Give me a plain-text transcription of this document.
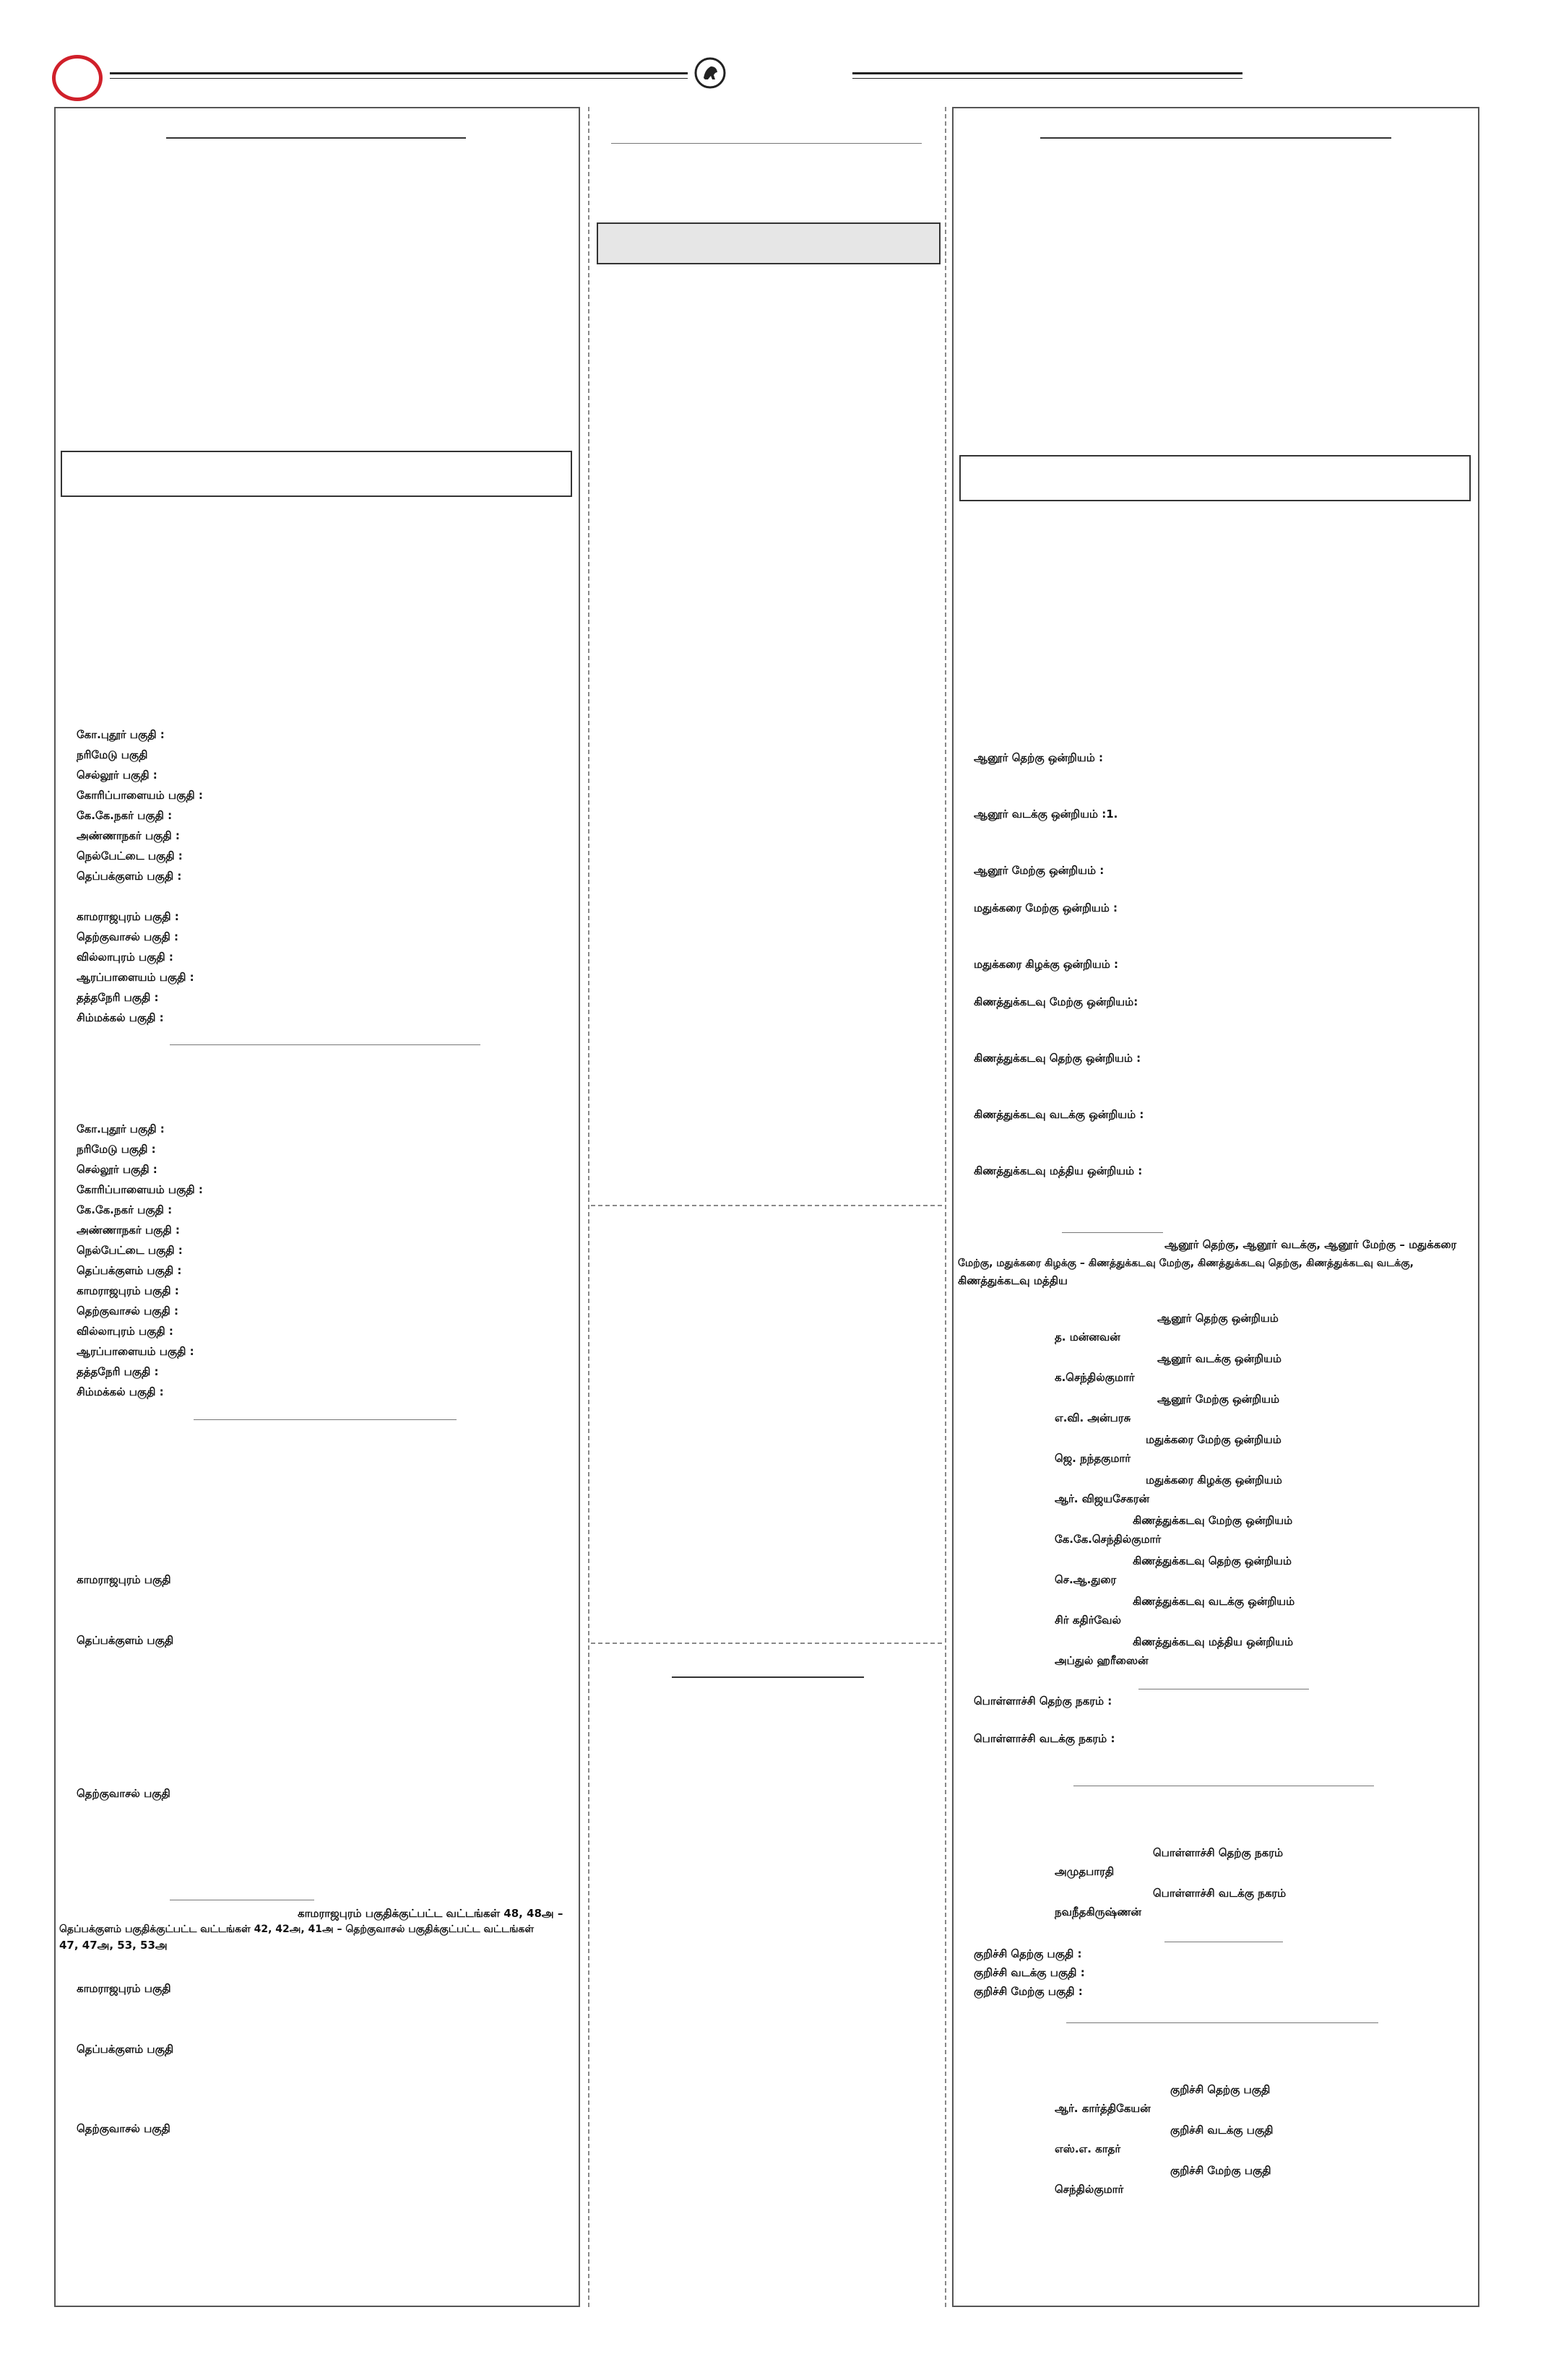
கோ.புதூர் பகுதி :
நரிமேடு பகுதி
செல்லூர் பகுதி :
கோரிப்பாளையம் பகுதி :
கே.கே.நகர் பகுதி :
அண்ணாநகர் பகுதி :
நெல்பேட்டை பகுதி :
தெப்பக்குளம் பகுதி :
காமராஜபுரம் பகுதி :
தெற்குவாசல் பகுதி :
வில்லாபுரம் பகுதி :
ஆரப்பாளையம் பகுதி :
தத்தநேரி பகுதி :
சிம்மக்கல் பகுதி :
கோ.புதூர் பகுதி :
நரிமேடு பகுதி :
செல்லூர் பகுதி :
கோரிப்பாளையம் பகுதி :
கே.கே.நகர் பகுதி :
அண்ணாநகர் பகுதி :
நெல்பேட்டை பகுதி :
தெப்பக்குளம் பகுதி :
காமராஜபுரம் பகுதி :
தெற்குவாசல் பகுதி :
வில்லாபுரம் பகுதி :
ஆரப்பாளையம் பகுதி :
தத்தநேரி பகுதி :
சிம்மக்கல் பகுதி :
காமராஜபுரம் பகுதி
தெப்பக்குளம் பகுதி
தெற்குவாசல் பகுதி
காமராஜபுரம் பகுதிக்குட்பட்ட வட்டங்கள் 48, 48அ –
தெப்பக்குளம் பகுதிக்குட்பட்ட வட்டங்கள் 42, 42அ, 41அ – தெற்குவாசல் பகுதிக்குட்பட்ட வட்டங்கள்
47, 47அ, 53, 53அ
காமராஜபுரம் பகுதி
தெப்பக்குளம் பகுதி
தெற்குவாசல் பகுதி
ஆனூர் தெற்கு ஒன்றியம் :
ஆனூர் வடக்கு ஒன்றியம் :1.
ஆனூர் மேற்கு ஒன்றியம் :
மதுக்கரை மேற்கு ஒன்றியம் :
மதுக்கரை கிழக்கு ஒன்றியம் :
கிணத்துக்கடவு மேற்கு ஒன்றியம்:
கிணத்துக்கடவு தெற்கு ஒன்றியம் :
கிணத்துக்கடவு வடக்கு ஒன்றியம் :
கிணத்துக்கடவு மத்திய ஒன்றியம் :
ஆனூர் தெற்கு, ஆனூர் வடக்கு, ஆனூர் மேற்கு – மதுக்கரை
மேற்கு, மதுக்கரை கிழக்கு – கிணத்துக்கடவு மேற்கு, கிணத்துக்கடவு தெற்கு, கிணத்துக்கடவு வடக்கு,
கிணத்துக்கடவு மத்திய
ஆனூர் தெற்கு ஒன்றியம்
த. மன்னவன்
ஆனூர் வடக்கு ஒன்றியம்
க.செந்தில்குமார்
ஆனூர் மேற்கு ஒன்றியம்
எ.வி. அன்பரசு
மதுக்கரை மேற்கு ஒன்றியம்
ஜெ. நந்தகுமார்
மதுக்கரை கிழக்கு ஒன்றியம்
ஆர். விஜயசேகரன்
கிணத்துக்கடவு மேற்கு ஒன்றியம்
கே.கே.செந்தில்குமார்
கிணத்துக்கடவு தெற்கு ஒன்றியம்
செ.ஆ.துரை
கிணத்துக்கடவு வடக்கு ஒன்றியம்
சிர் கதிர்வேல்
கிணத்துக்கடவு மத்திய ஒன்றியம்
அப்துல் ஹரீஸைன்
பொள்ளாச்சி தெற்கு நகரம் :
பொள்ளாச்சி வடக்கு நகரம் :
பொள்ளாச்சி தெற்கு நகரம்
அமுதபாரதி
பொள்ளாச்சி வடக்கு நகரம்
நவநீதகிருஷ்ணன்
குறிச்சி தெற்கு பகுதி :
குறிச்சி வடக்கு பகுதி :
குறிச்சி மேற்கு பகுதி :
குறிச்சி தெற்கு பகுதி
ஆர். கார்த்திகேயன்
குறிச்சி வடக்கு பகுதி
எஸ்.எ. காதர்
குறிச்சி மேற்கு பகுதி
செந்தில்குமார்
